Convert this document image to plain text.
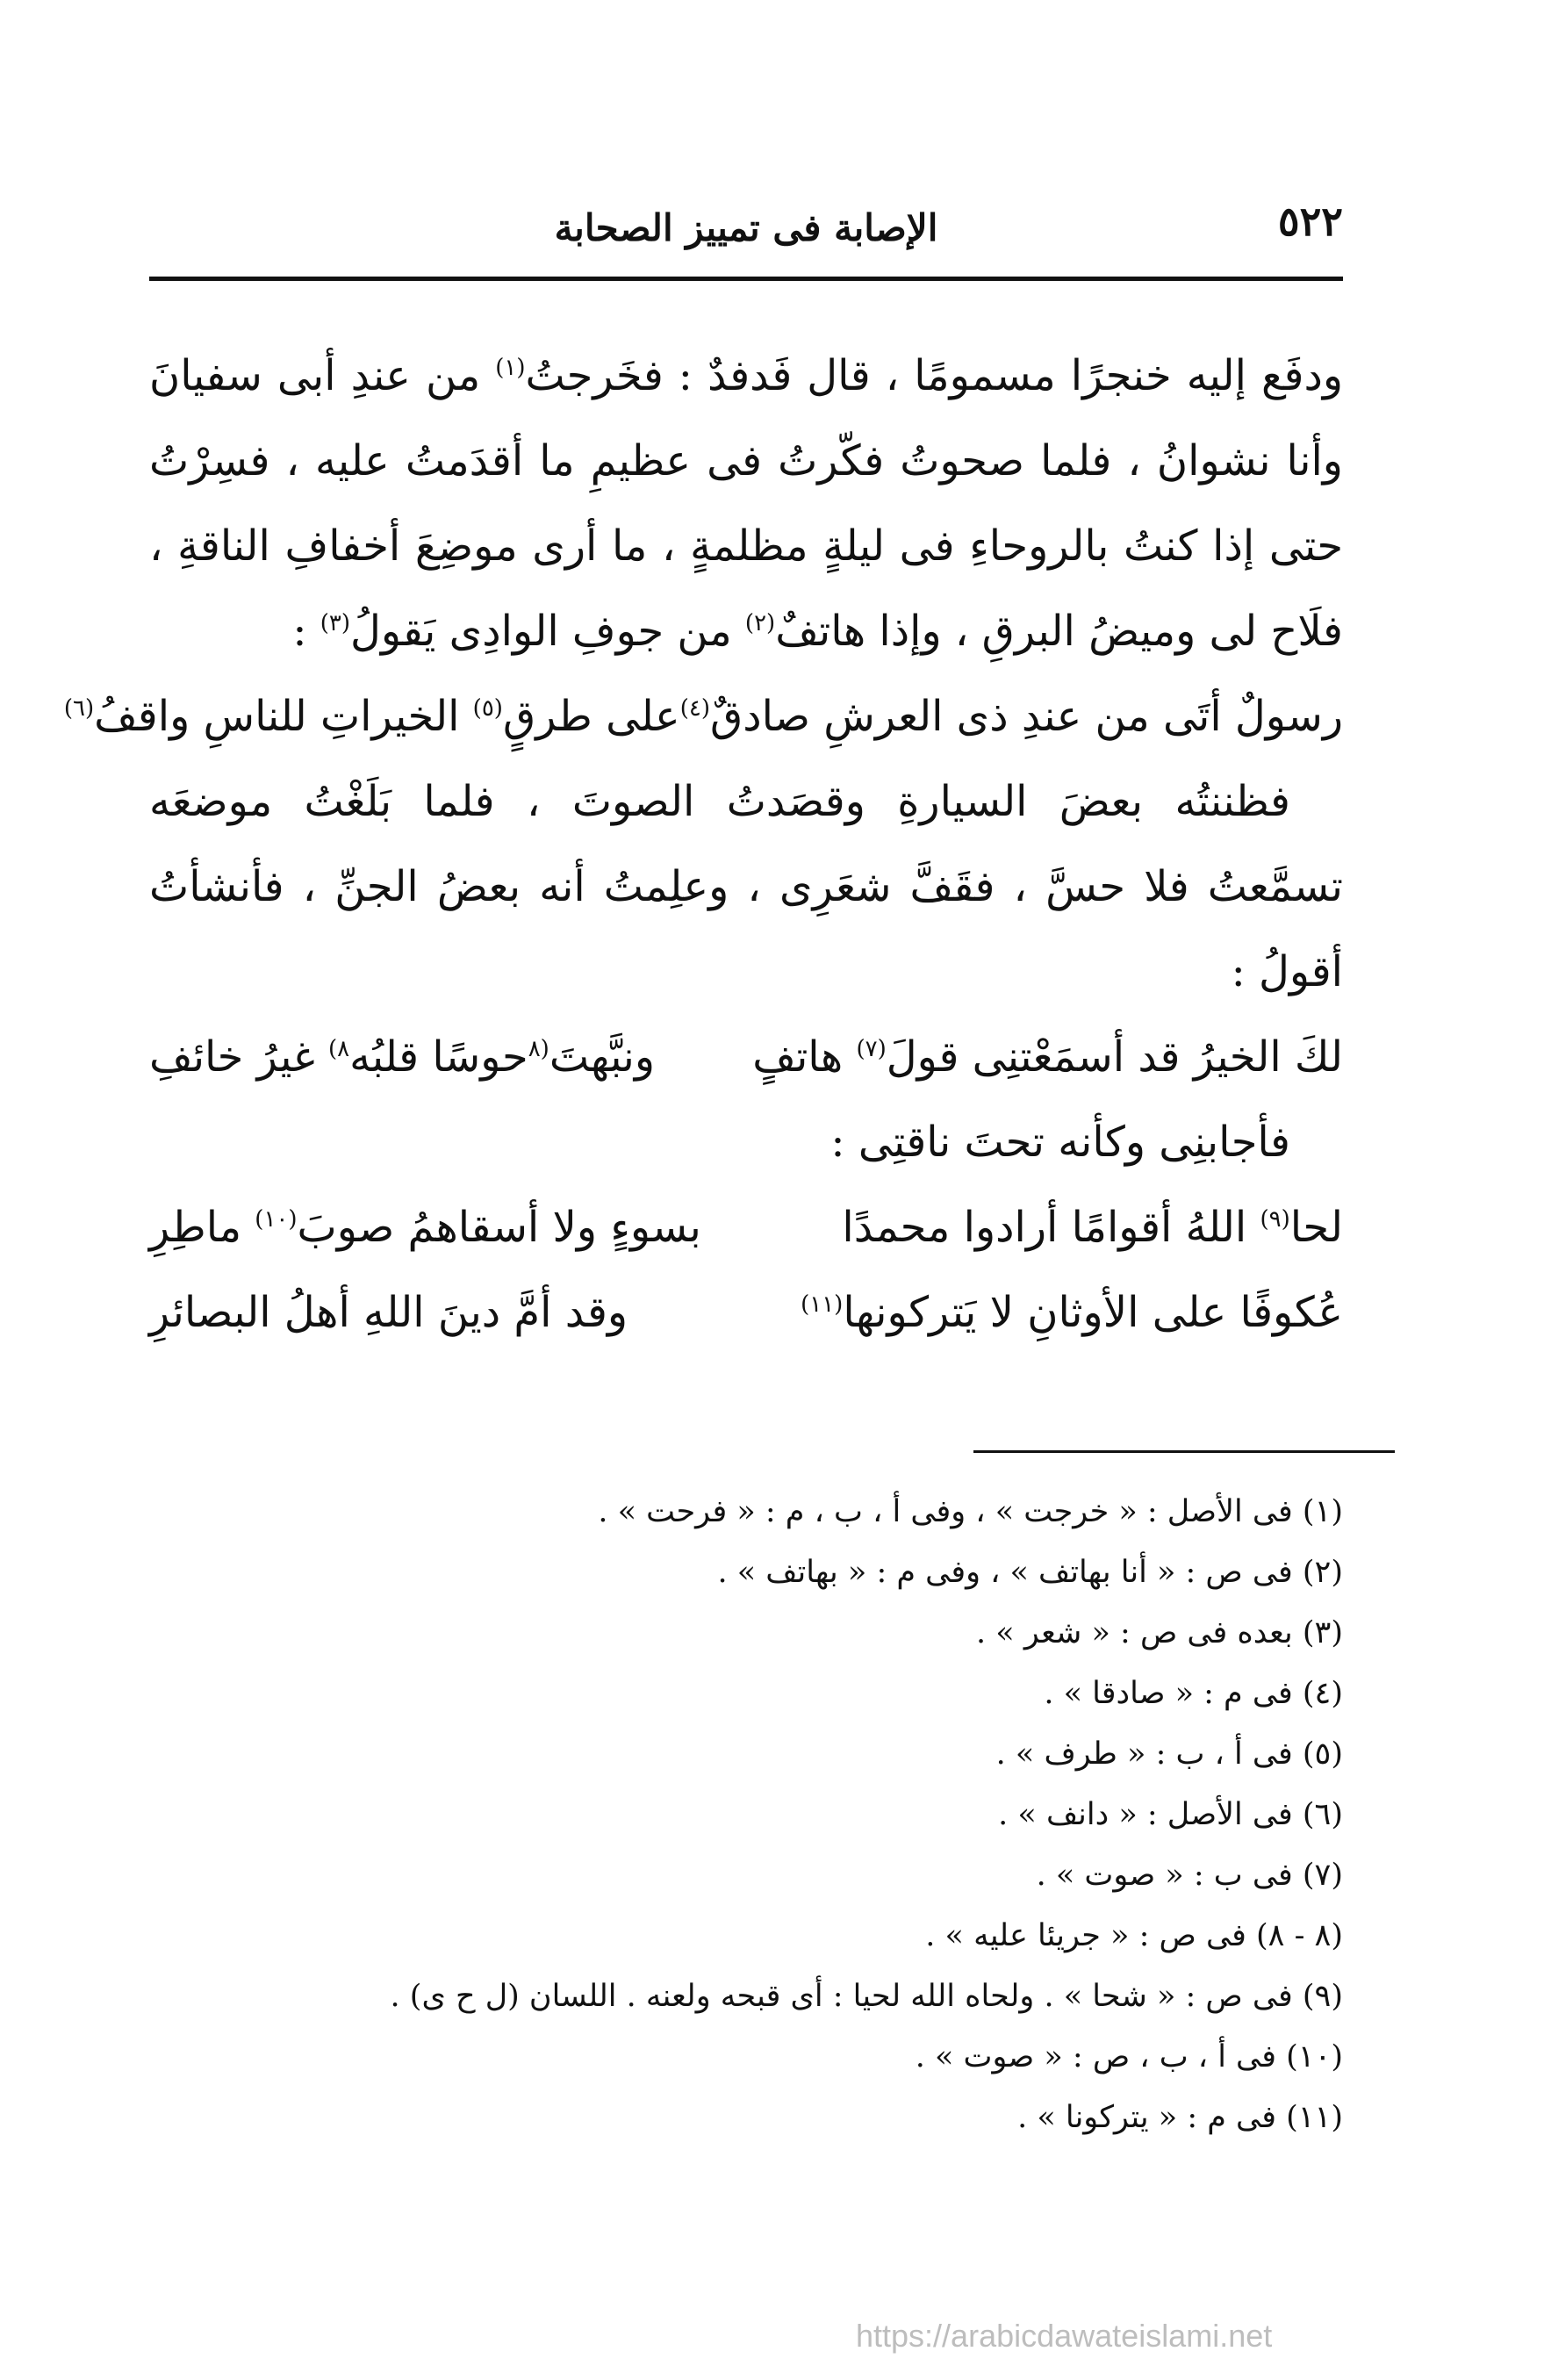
٥٢٢
الإصابة فى تمييز الصحابة

ودفَع إليه خنجرًا مسمومًا ، قال فَدفدٌ : فخَرجتُ$^{(١)}$ من عندِ أبى سفيانَ وأنا نشوانُ ، فلما صحوتُ فكّرتُ فى عظيمِ ما أقدَمتُ عليه ، فسِرْتُ حتى إذا كنتُ بالروحاءِ فى ليلةٍ مظلمةٍ ، ما أرى موضِعَ أخفافِ الناقةِ ، فلَاح لى وميضُ البرقِ ، وإذا هاتفٌ$^{(٢)}$ من جوفِ الوادِى يَقولُ$^{(٣)}$ :

رسولٌ أتَى من عندِ ذى العرشِ صادقٌ$^{(٤)}$
على طرقٍ$^{(٥)}$ الخيراتِ للناسِ واقفُ$^{(٦)}$

فظننتُه بعضَ السيارةِ وقصَدتُ الصوتَ ، فلما بَلَغْتُ موضعَه تسمَّعتُ فلا حسَّ ، فقَفَّ شعَرِى ، وعلِمتُ أنه بعضُ الجنِّ ، فأنشأتُ أقولُ :

لكَ الخيرُ قد أسمَعْتنِى قولَ$^{(٧)}$ هاتفٍ
ونبَّهتَ$^{(٨}$حوسًا قلبُه$^{٨)}$ غيرُ خائفِ

فأجابنِى وكأنه تحتَ ناقتِى :

لحا$^{(٩)}$ اللهُ أقوامًا أرادوا محمدًا
بسوءٍ ولا أسقاهمُ صوبَ$^{(١٠)}$ ماطِرِ
عُكوفًا على الأوثانِ لا يَتركونها$^{(١١)}$
وقد أمَّ دينَ اللهِ أهلُ البصائرِ
(١) فى الأصل : « خرجت » ، وفى أ ، ب ، م : « فرحت » .
(٢) فى ص : « أنا بهاتف » ، وفى م : « بهاتف » .
(٣) بعده فى ص : « شعر » .
(٤) فى م : « صادقا » .
(٥) فى أ ، ب : « طرف » .
(٦) فى الأصل : « دانف » .
(٧) فى ب : « صوت » .
(٨ - ٨) فى ص : « جريئا عليه » .
(٩) فى ص : « شحا » . ولحاه الله لحيا : أى قبحه ولعنه . اللسان (ل ح ى) .
(١٠) فى أ ، ب ، ص : « صوت » .
(١١) فى م : « يتركونا » .
https://arabicdawateislami.net
